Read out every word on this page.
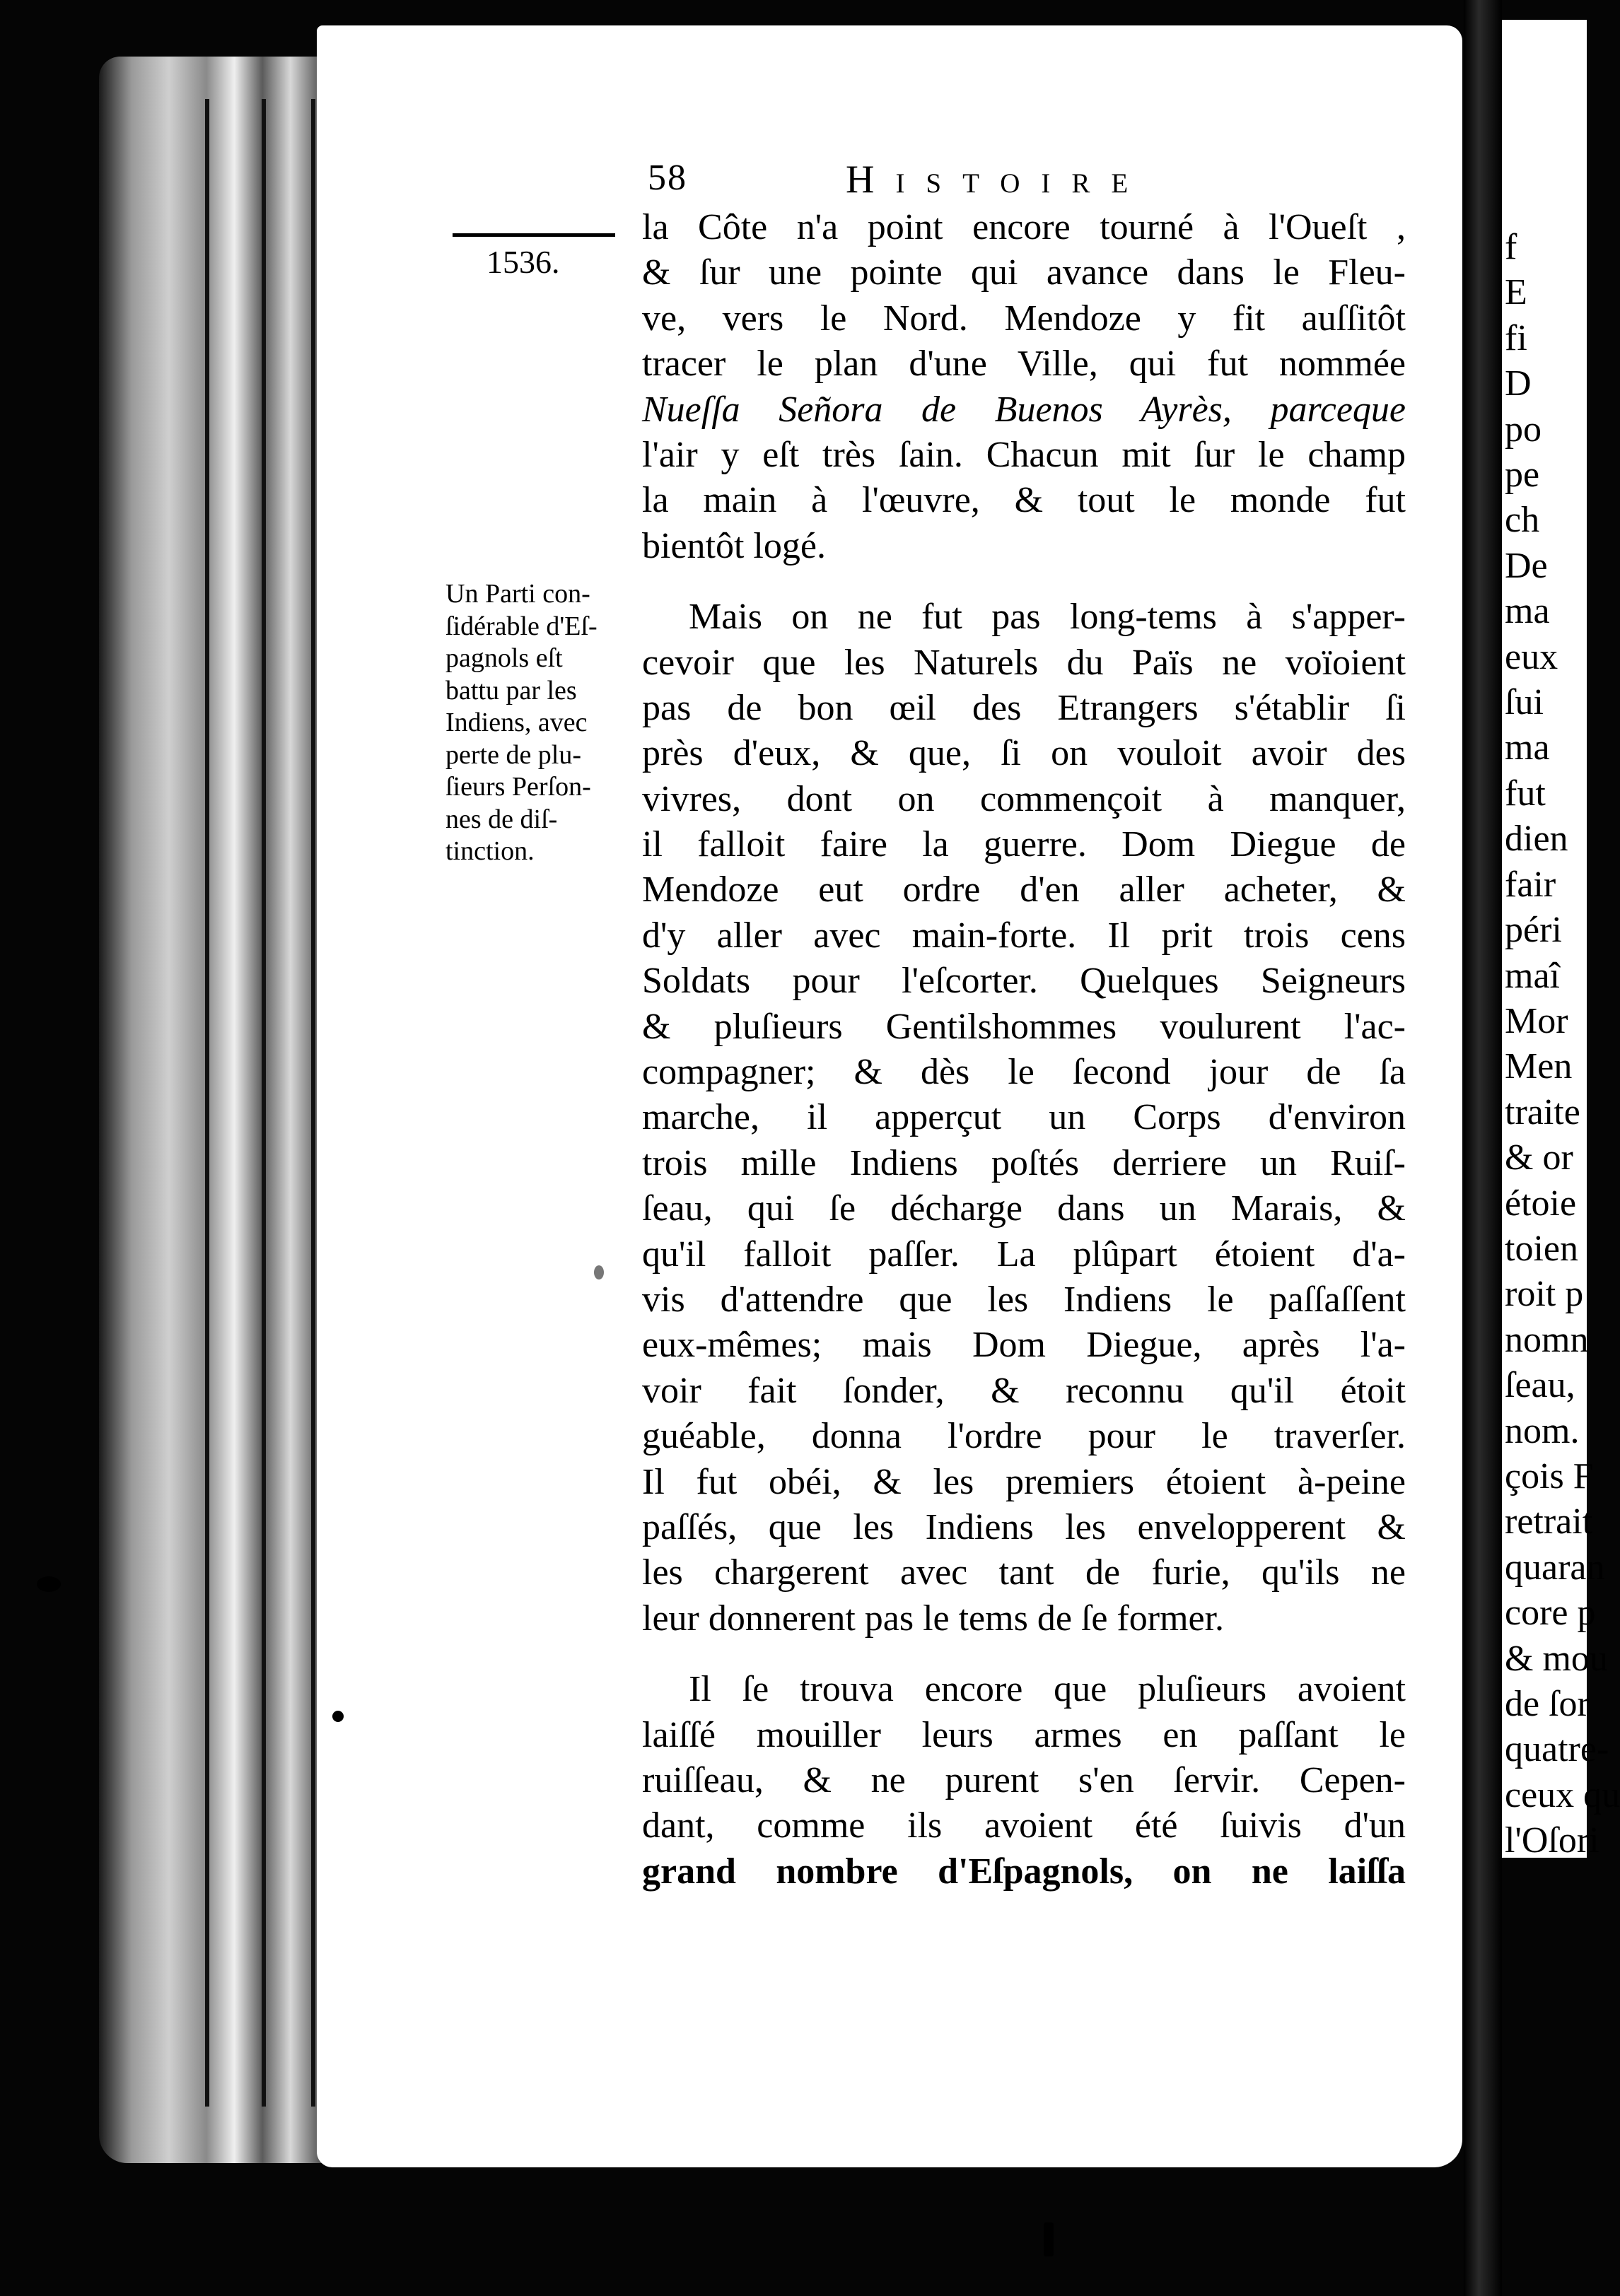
58	Histoire
1536.

Un Parti con-
ſidérable d'Eſ-
pagnols eſt
battu par les
Indiens, avec
perte de plu-
ſieurs Perſon-
nes de diſ-
tinction.

la Côte n'a point encore tourné à l'Oueſt ,
& ſur une pointe qui avance dans le Fleu-
ve, vers le Nord. Mendoze y fit auſſitôt
tracer le plan d'une Ville, qui fut nommée
Nueſſa Señora de Buenos Ayrès, parceque
l'air y eſt très ſain. Chacun mit ſur le champ
la main à l'œuvre, & tout le monde fut
bientôt logé.
Mais on ne fut pas long-tems à s'apper-
cevoir que les Naturels du Païs ne voïoient
pas de bon œil des Etrangers s'établir ſi
près d'eux, & que, ſi on vouloit avoir des
vivres, dont on commençoit à manquer,
il falloit faire la guerre. Dom Diegue de
Mendoze eut ordre d'en aller acheter, &
d'y aller avec main-forte. Il prit trois cens
Soldats pour l'eſcorter. Quelques Seigneurs
& pluſieurs Gentilshommes voulurent l'ac-
compagner; & dès le ſecond jour de ſa
marche, il apperçut un Corps d'environ
trois mille Indiens poſtés derriere un Ruiſ-
ſeau, qui ſe décharge dans un Marais, &
qu'il falloit paſſer. La plûpart étoient d'a-
vis d'attendre que les Indiens le paſſaſſent
eux-mêmes; mais Dom Diegue, après l'a-
voir fait ſonder, & reconnu qu'il étoit
guéable, donna l'ordre pour le traverſer.
Il fut obéi, & les premiers étoient à-peine
paſſés, que les Indiens les envelopperent &
les chargerent avec tant de furie, qu'ils ne
leur donnerent pas le tems de ſe former.
Il ſe trouva encore que pluſieurs avoient
laiſſé mouiller leurs armes en paſſant le
ruiſſeau, & ne purent s'en ſervir. Cepen-
dant, comme ils avoient été ſuivis d'un
grand nombre d'Eſpagnols, on ne laiſſa
f
E
fi
D
po
pe
ch
De
ma
eux
ſui
ma
fut
dien
fair
péri
maî
Mor
Men
traite
& or
étoie
toien
roit p
nomn
ſeau,
nom.
çois F
retrait
quaran
core p
& mou
de ſor
quatre-
ceux qu
l'Oſori
